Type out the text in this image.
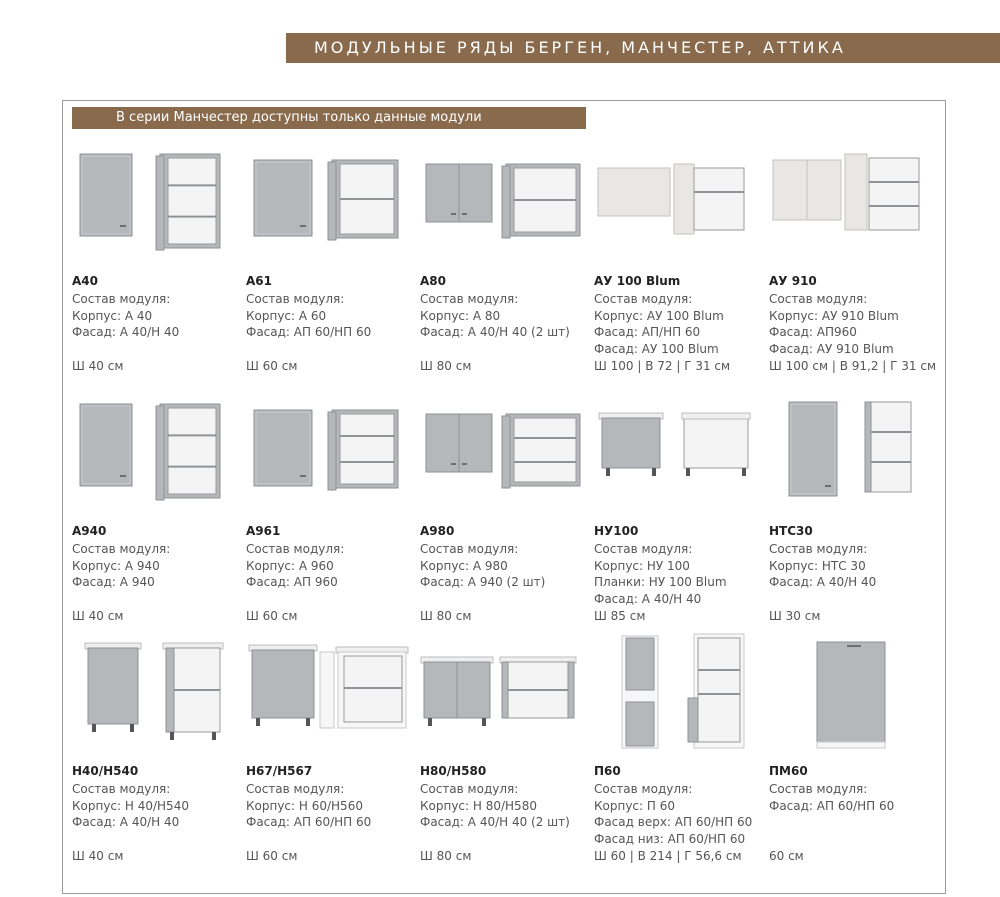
МОДУЛЬНЫЕ РЯДЫ БЕРГЕН, МАНЧЕСТЕР, АТТИКА
В серии Манчестер доступны только данные модули
А40
Состав модуля:
Корпус: А 40
Фасад: А 40/Н 40
Ш 40 см
А61
Состав модуля:
Корпус: А 60
Фасад: АП 60/НП 60
Ш 60 см
А80
Состав модуля:
Корпус: А 80
Фасад: А 40/Н 40 (2 шт)
Ш 80 см
АУ 100 Blum
Состав модуля:
Корпус: АУ 100 Blum
Фасад: АП/НП 60
Фасад: АУ 100 Blum
Ш 100 | В 72 | Г 31 см
АУ 910
Состав модуля:
Корпус: АУ 910 Blum
Фасад: АП960
Фасад: АУ 910 Blum
Ш 100 см | В 91,2 | Г 31 см
А940
Состав модуля:
Корпус: А 940
Фасад: А 940
Ш 40 см
А961
Состав модуля:
Корпус: А 960
Фасад: АП 960
Ш 60 см
А980
Состав модуля:
Корпус: А 980
Фасад: А 940 (2 шт)
Ш 80 см
НУ100
Состав модуля:
Корпус: НУ 100
Планки: НУ 100 Blum
Фасад: А 40/Н 40
Ш 85 см
НТС30
Состав модуля:
Корпус: НТС 30
Фасад: А 40/Н 40
Ш 30 см
Н40/Н540
Состав модуля:
Корпус: Н 40/Н540
Фасад: А 40/Н 40
Ш 40 см
Н67/Н567
Состав модуля:
Корпус: Н 60/Н560
Фасад: АП 60/НП 60
Ш 60 см
Н80/Н580
Состав модуля:
Корпус: Н 80/Н580
Фасад: А 40/Н 40 (2 шт)
Ш 80 см
П60
Состав модуля:
Корпус: П 60
Фасад верх: АП 60/НП 60
Фасад низ: АП 60/НП 60
Ш 60 | В 214 | Г 56,6 см
ПМ60
Состав модуля:
Фасад: АП 60/НП 60
60 см
